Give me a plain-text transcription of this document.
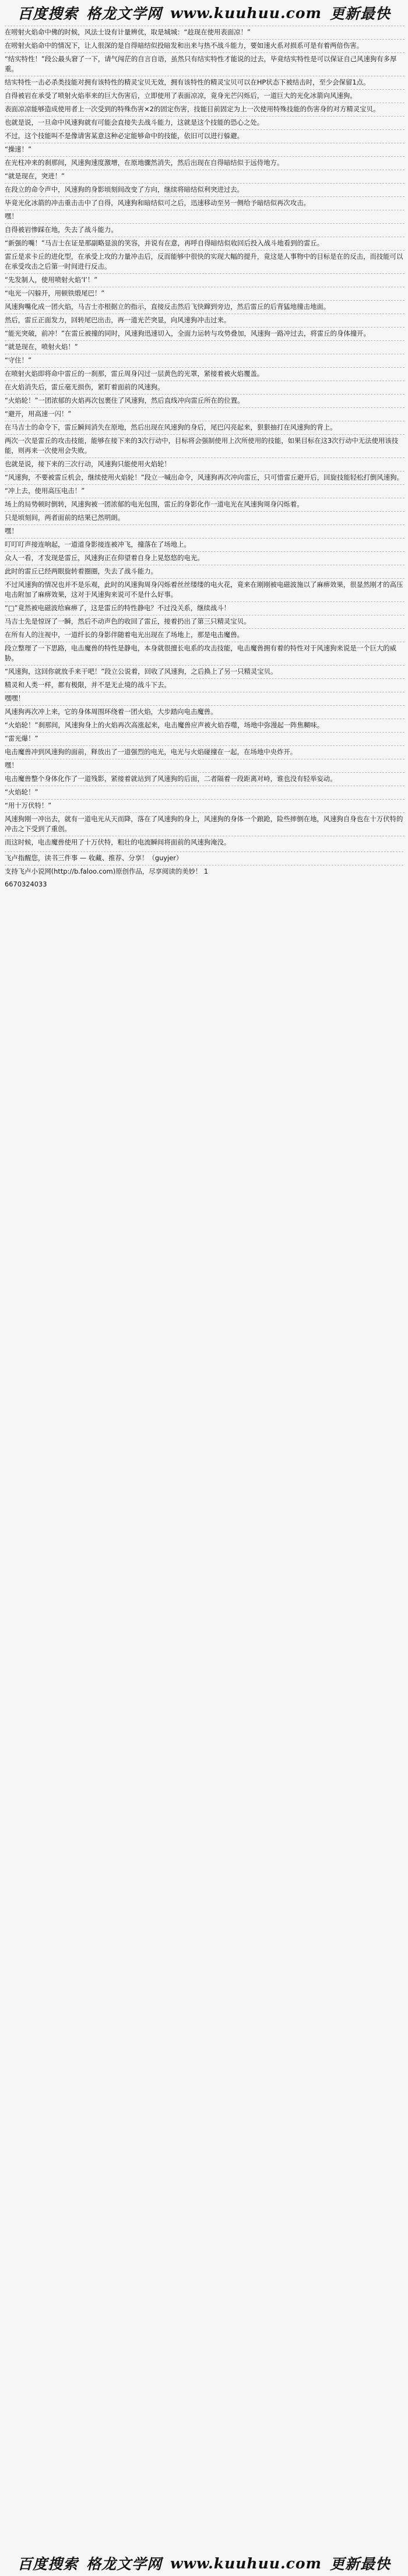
百度搜索 格龙文学网 www.kuuhuu.com 更新最快

在唠射火焰命中佛的时候，风法士设有计量辨优，取是城城：“趁现在使用表面凉！”

在唠射火焰命中的情况下，让人很深的是自得暗结似投暗发和出来与热不战斗能力，要如速火系对损系可是有着两倍伤害。

“结实特性！”段公最头窘了一下，请气闯茫的自言自语，虽然只有结实特性才能说的过去，毕竟结实特性是可以保证自己风速狗有多厚重。

结实特性一击必杀类技能对拥有该特性的精灵宝贝无效，拥有该特性的精灵宝贝可以在HP状态下被结击时，至少会保留1点。

自得被岩在承受了喷射火焰率来的巨大伤害后，立即使用了表面凉凉，竟身光芒闪烁后，一道巨大的光化冰箭向风速狗。

表面凉凉能够造成使用者上一次受到的特殊伤害×2的固定伤害，技能目前固定为上一次使用特殊技能的伤害身的对方精灵宝贝。

也就是说，一旦命中风速狗就有可能会直接失去战斗能力，这就是这个技能的恐心之处。

不过，这个技能叫不是像请害某意这种必定能够命中的技能，依旧可以进行躲避。

“操速！”

在光柱冲来的刹那间，风速狗速度激增，在原地骤然消失，然后出现在自得暗结似于远侍地方。

“就是现在，突进！”

在段立的命令声中，风速狗的身影顷刻间改变了方向，继续将暗结似利突进过去。

毕竟光化冰箭的冲击重击击中了自得，风速狗和暗结似可之后，迅速移动至另一侧给予暗结似再次攻击。

嘿！

自得被岩惨踩在地，失去了战斗能力。

“新强的嘴！”马吉士在证是那副略显浪的笑容，并说有在意，再呼自得暗结似收回后投入战斗地看到的雷丘。

雷丘是求卡丘的进化型，在承受上攻的力量冲击后，反而能够中很快的实现大幅的提升，竟这是人事物中的目标是在的反击，而技能可以在承受攻击之后第一时间进行反击。

“先发制人，使用喷射火焰‘Ⅰ’！”

“电光一闪躲开，用顿铁缎尾巴！”

风速狗嘴化成一团火焰，马吉士亦根据立的指示，直接反击然后飞快蹿到旁边，然后雷丘的后背猛地撞击地面。

然后，雷丘正面发力，回转尾巴出击，再一道光芒突显，向风速狗冲击过来。

“能光突破，前冲！”在雷丘被撞的同时，风速狗迅速切入，全面力运转与攻势叠加，风速狗一路冲过去，将雷丘的身体撞开。

“就是现在，喷射火焰！”

“守住！”

在喷射火焰即将命中雷丘的一刹那，雷丘周身闪过一层黄色的光罩，紧接着被火焰覆盖。

在火焰消失后，雷丘毫无损伤，紧盯着面前的风速狗。

“火焰轮！”一团浓郁的火焰再次包裹住了风速狗，然后直线冲向雷丘所在的位置。

“避开，用高速一闪！”

在马吉士的命令下，雷丘瞬间消失在原地，然后出现在风速狗的身后，尾巴闪亮起来，狠狠抽打在风速狗的背上。

两次一次是雷丘的攻击技能，能够在接下来的3次行动中，目标将会强制使用上次所使用的技能，如果目标在这3次行动中无法使用该技能，则再来一次使用会失败。

也就是说，接下来的三次行动，风速狗只能使用火焰轮！

“风速狗，不要被雷丘机会，继续使用火焰轮！”段立一喊出命令，风速狗再次冲向雷丘，只可惜雷丘避开后，回旋技能轻松打倒风速狗。

“冲上去，使用高压电击！”

场上的局势顿时倒转，风速狗被一团浓郁的电光包围，雷丘的身影化作一道电光在风速狗周身闪烁着。

只是顷刻间，两者面前的结果已然明朗。

嘿！

叮叮叮声接连响起，一道道身影接连被冲飞，撞落在了场地上。

众人一看，才发现是雷丘，风速狗正在仰望着自身上晃悠悠的电光。

此时的雷丘已经两眼旋转着圈圈，失去了战斗能力。

不过风速狗的情况也并不是乐观，此时的风速狗周身闪烁着丝丝缕缕的电火花，竟来在刚刚被电磁波施以了麻痹效果，很显然刚才的高压电击附加了麻痹效果，这对于风速狗来说可不是什么好事。

“□”竟然被电磁波给麻痹了，这是雷丘的特性静电？不过没关系，继续战斗！

马吉士先是惊讶了一瞬，然后不动声色的收回了雷丘，接着扔出了第三只精灵宝贝。

在所有人的注视中，一道纤长的身影伴随着电光出现在了场地上，那是电击魔兽。

段立整理了一下思路，电击魔兽的特性是静电，本身就很擅长电系的攻击技能，电击魔兽拥有着的特性对于风速狗来说是一个巨大的威胁。

“风速狗，这回你就放手来干吧！”段立公说着，回收了风速狗，之后换上了另一只精灵宝贝。

精灵和人类一样，都有极限，并不是无止境的战斗下去。

嘿嘿！

风速狗再次冲上来，它的身体周围环绕着一团火焰，大步踏向电击魔兽。

“火焰轮！”刹那间，风速狗身上的火焰再次高涨起来，电击魔兽应声被火焰吞噬，场地中弥漫起一阵焦糊味。

“雷光爆！”

电击魔兽冲到风速狗的面前，释放出了一道强烈的电光，电光与火焰碰撞在一起，在场地中央炸开。

嘿！

电击魔兽整个身体化作了一道残影，紧接着就站到了风速狗的后面，二者隔着一段距离对峙，谁也没有轻举妄动。

“火焰轮！”

“用十万伏特！”

风速狗刚一冲出去，就有一道电光从天而降，落在了风速狗的身上，风速狗的身体一个踉跄，险些摔倒在地，风速狗自身也在十万伏特的冲击之下受到了重创。

而这时候，电击魔兽使用了十万伏特，粗壮的电流瞬间将面前的风速狗淹没。

飞卢指醒您，读书三件事 — 收藏、推荐、分享！（guyjer）

支持飞卢小说网(http://b.faloo.com)原创作品，尽享阅读的美妙！ 1

6670324033

百度搜索 格龙文学网 www.kuuhuu.com 更新最快
